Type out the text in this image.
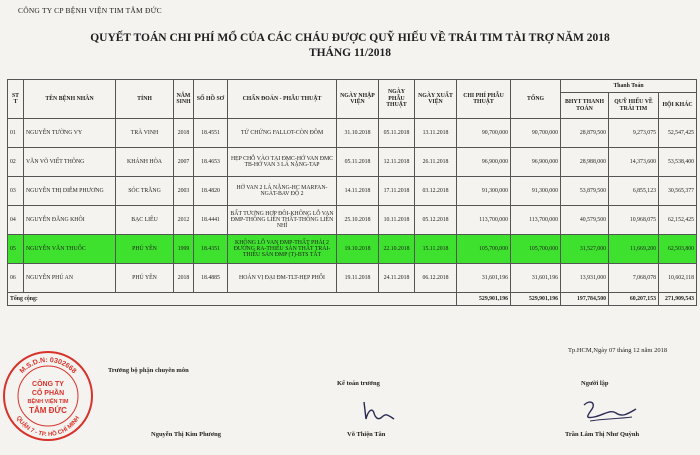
CÔNG TY CP BỆNH VIỆN TIM TÂM ĐỨC
QUYẾT TOÁN CHI PHÍ MỔ CỦA CÁC CHÁU ĐƯỢC QUỸ HIẾU VỀ TRÁI TIM TÀI TRỢ NĂM 2018
THÁNG 11/2018
ST T	TÊN BỆNH NHÂN	TỈNH	NĂM SINH	SỐ HỒ SƠ	CHẨN ĐOÁN - PHẪU THUẬT	NGÀY NHẬP VIỆN	NGÀY PHẪU THUẬT	NGÀY XUẤT VIỆN	CHI PHÍ PHẪU THUẬT	TỔNG	Thanh Toán		
											BHYT THANH TOÁN	QUỸ HIẾU VỀ TRÁI TIM	HỘI KHÁC
01	NGUYỄN TƯỜNG VY	TRÀ VINH	2018	18.4551	TỨ CHỨNG FALLOT-CÒN ĐÔM	31.10.2018	05.11.2018	13.11.2018	90,700,000	90,700,000	28,879,500	9,273,075	52,547,425
02	VĂN VÕ VIẾT THÔNG	KHÁNH HÒA	2007	18.4653	HẸP CHỖ VÀO TẠI ĐMC-HỞ VAN ĐMC TB-HỞ VAN 3 LÁ NẶNG-TAP	05.11.2018	12.11.2018	26.11.2018	96,900,000	96,900,000	28,988,000	14,373,600	53,538,400
03	NGUYỄN THỊ DIỄM PHƯƠNG	SÓC TRĂNG	2003	18.4820	HỞ VAN 2 LÁ NẶNG-HC MARFAN-NGÁT-BAV ĐỘ 2	14.11.2018	17.11.2018	03.12.2018	91,300,000	91,300,000	53,879,500	6,855,123	30,565,377
04	NGUYỄN ĐĂNG KHÔI	BẠC LIÊU	2012	18.4441	BẤT TƯƠNG HỢP ĐÔI-KHÔNG LỖ VAN ĐMP-THÔNG LIÊN THẤT-THÔNG LIÊN NHĨ	25.10.2018	10.11.2018	05.12.2018	113,700,000	113,700,000	40,579,500	10,968,075	62,152,425
05	NGUYỄN VĂN THUỐC	PHÚ YÊN	1999	18.4351	KHÔNG LỖ VAN ĐMP-THẤT PHẢI 2 ĐƯỜNG RA-THIỂU SẢN THẤT TRÁI-THIỂU SẢN ĐMP (T)-BTS TẮT	19.10.2018	22.10.2018	15.11.2018	105,700,000	105,700,000	31,527,000	11,669,200	62,503,800
06	NGUYỄN PHÚ AN	PHÚ YÊN	2018	18.4885	HOÁN VỊ ĐẠI ĐM-TLT-HẸP PHỔI	19.11.2018	24.11.2018	06.12.2018	31,601,196	31,601,196	13,931,000	7,068,078	10,602,118
Tổng cộng:									529,901,196	529,901,196	197,784,500	60,207,153	271,909,543
Tp.HCM,Ngày 07 tháng 12 năm 2018
Trưởng bộ phận chuyên môn
Kế toán trưởng	Người lập
M.S.D.N: 0302668
QUẬN 7 - TP. HỒ CHÍ MINH
CÔNG TY
CỔ PHẦN
BỆNH VIỆN TIM
TÂM ĐỨC
Nguyễn Thị Kim Phương	Võ Thiện Tân	Trần Lâm Thị Như Quỳnh
